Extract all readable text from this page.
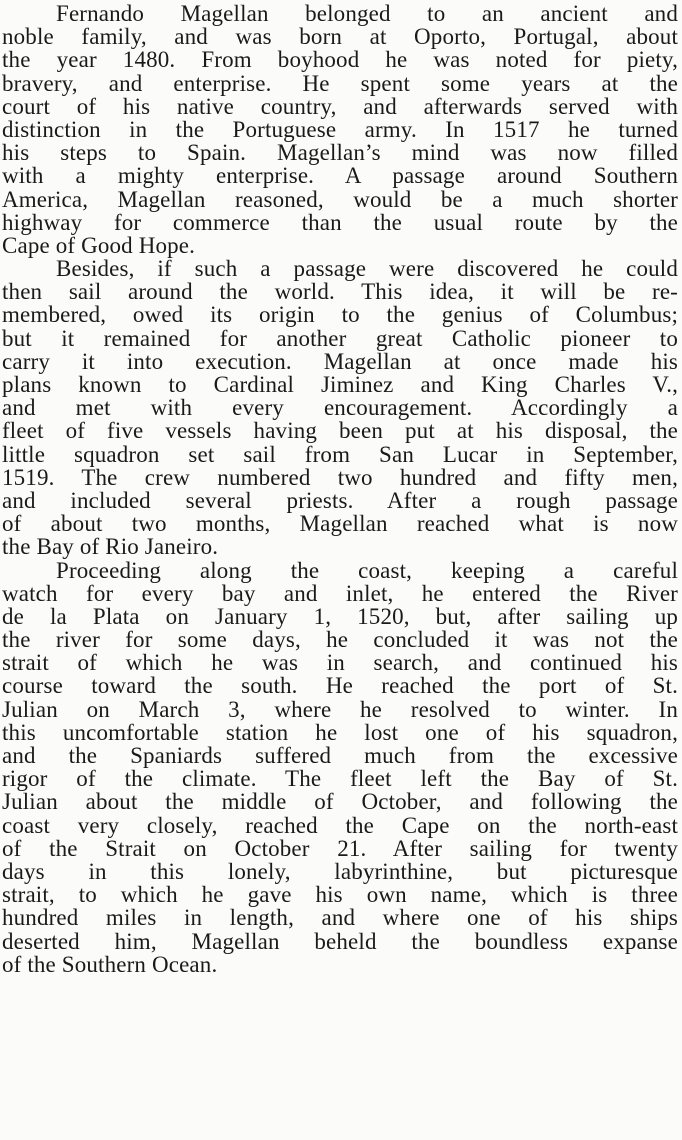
Fernando Magellan belonged to an ancient and
noble family, and was born at Oporto, Portugal, about
the year 1480. From boyhood he was noted for piety,
bravery, and enterprise. He spent some years at the
court of his native country, and afterwards served with
distinction in the Portuguese army. In 1517 he turned
his steps to Spain. Magellan’s mind was now filled
with a mighty enterprise. A passage around Southern
America, Magellan reasoned, would be a much shorter
highway for commerce than the usual route by the
Cape of Good Hope.
Besides, if such a passage were discovered he could
then sail around the world. This idea, it will be re-
membered, owed its origin to the genius of Columbus;
but it remained for another great Catholic pioneer to
carry it into execution. Magellan at once made his
plans known to Cardinal Jiminez and King Charles V.,
and met with every encouragement. Accordingly a
fleet of five vessels having been put at his disposal, the
little squadron set sail from San Lucar in September,
1519. The crew numbered two hundred and fifty men,
and included several priests. After a rough passage
of about two months, Magellan reached what is now
the Bay of Rio Janeiro.
Proceeding along the coast, keeping a careful
watch for every bay and inlet, he entered the River
de la Plata on January 1, 1520, but, after sailing up
the river for some days, he concluded it was not the
strait of which he was in search, and continued his
course toward the south. He reached the port of St.
Julian on March 3, where he resolved to winter. In
this uncomfortable station he lost one of his squadron,
and the Spaniards suffered much from the excessive
rigor of the climate. The fleet left the Bay of St.
Julian about the middle of October, and following the
coast very closely, reached the Cape on the north-east
of the Strait on October 21. After sailing for twenty
days in this lonely, labyrinthine, but picturesque
strait, to which he gave his own name, which is three
hundred miles in length, and where one of his ships
deserted him, Magellan beheld the boundless expanse
of the Southern Ocean.
